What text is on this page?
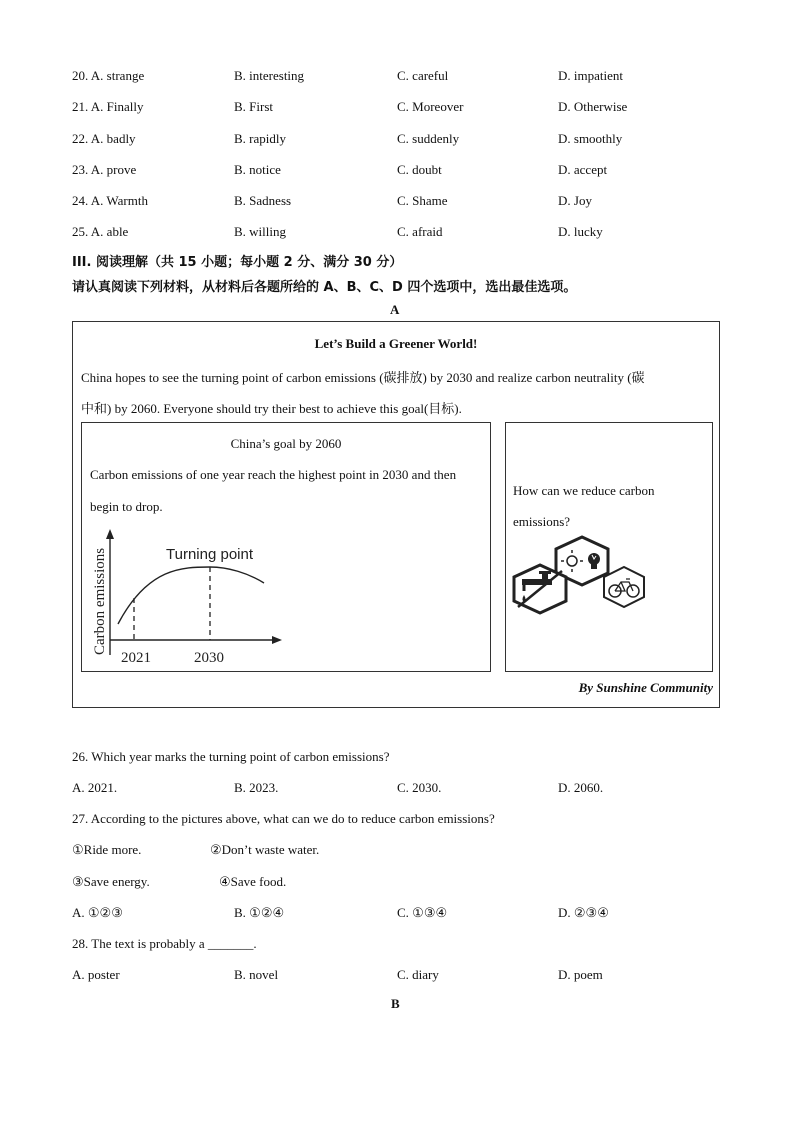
20. A. strange	B. interesting	C. careful	D. impatient
21. A. Finally	B. First	C. Moreover	D. Otherwise
22. A. badly	B. rapidly	C. suddenly	D. smoothly
23. A. prove	B. notice	C. doubt	D. accept
24. A. Warmth	B. Sadness	C. Shame	D. Joy
25. A. able	B. willing	C. afraid	D. lucky
III. 阅读理解（共 15 小题；每小题 2 分、满分 30 分）
请认真阅读下列材料，从材料后各题所给的 A、B、C、D 四个选项中，选出最佳选项。
A
Let’s Build a Greener World!
China hopes to see the turning point of carbon emissions (碳排放) by 2030 and realize carbon neutrality (碳
中和) by 2060. Everyone should try their best to achieve this goal(目标).
China’s goal by 2060
Carbon emissions of one year reach the highest point in 2030 and then
begin to drop.
Turning point
2021	2030
Carbon emissions
How can we reduce carbon
emissions?
By Sunshine Community
26. Which year marks the turning point of carbon emissions?
A. 2021.	B. 2023.	C. 2030.	D. 2060.
27. According to the pictures above, what can we do to reduce carbon emissions?
①Ride more.	②Don’t waste water.
③Save energy.	④Save food.
A. ①②③	B. ①②④	C. ①③④	D. ②③④
28. The text is probably a _______.
A. poster	B. novel	C. diary	D. poem
B
